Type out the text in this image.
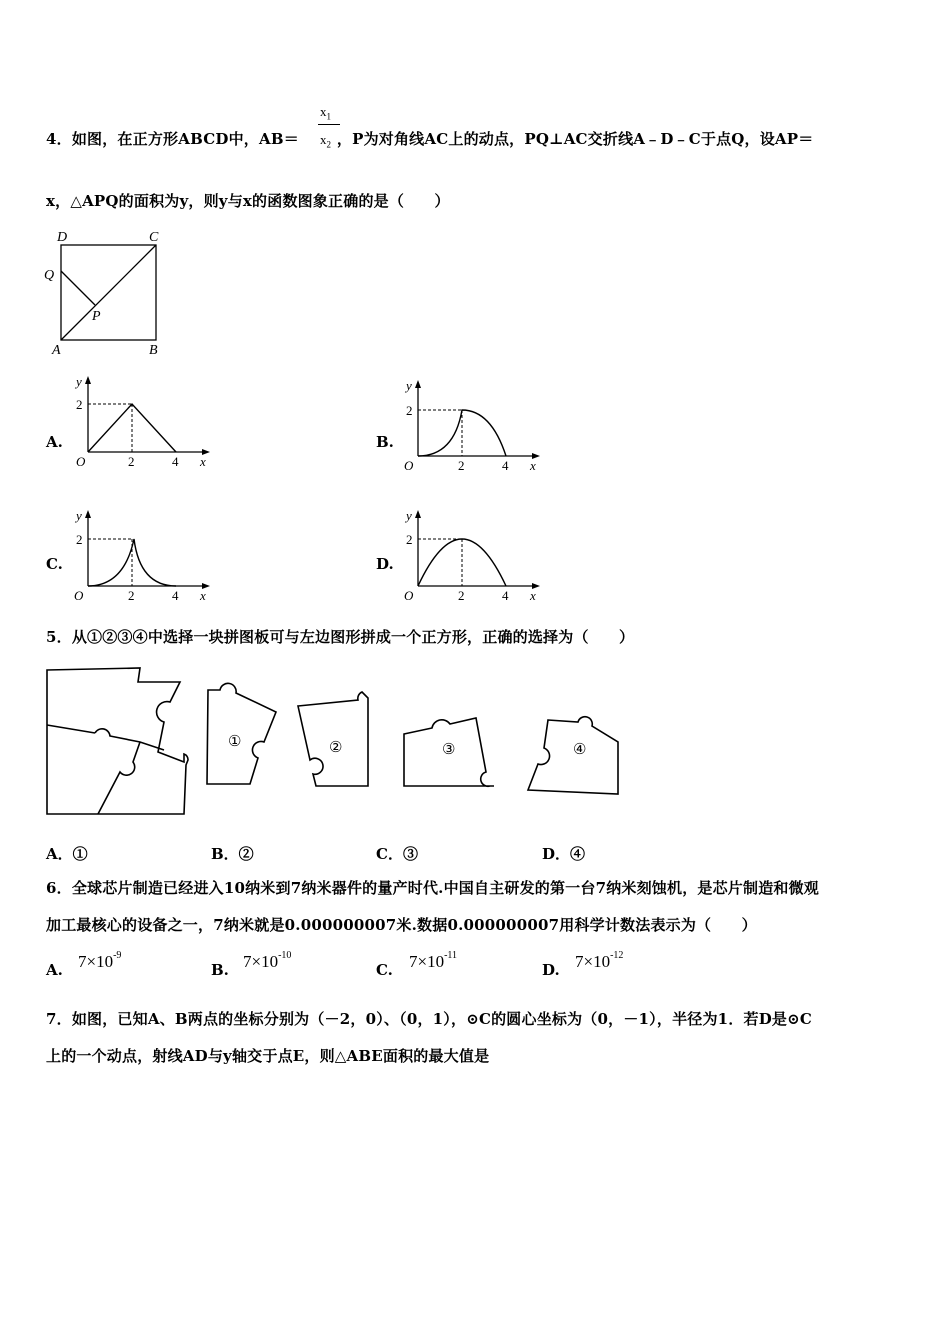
4．如图，在正方形ABCD中，AB＝	，P为对角线AC上的动点，PQ⊥AC交折线A﹣D﹣C于点Q，设AP＝
$x_1$
$x_2$
x，△APQ的面积为y，则y与x的函数图象正确的是（　　）
D	C
Q
P
A	B
A.	B.
C.	D.
y
2
O	2	4 x
y
2
O	2	4 x
y
2
O	2	4 x
y
2
O	2	4 x
5．从①②③④中选择一块拼图板可与左边图形拼成一个正方形，正确的选择为（　　）
①	②	③	④
A．①	B．②	C．③	D．④
6．全球芯片制造已经进入10纳米到7纳米器件的量产时代.中国自主研发的第一台7纳米刻蚀机，是芯片制造和微观
加工最核心的设备之一，7纳米就是0.000000007米.数据0.000000007用科学计数法表示为（　　）
A. $7\times 10^{-9}$
B. $7\times 10^{-10}$
C. $7\times 10^{-11}$
D. $7\times 10^{-12}$
7．如图，已知A、B两点的坐标分别为（－2，0）、（0，1），⊙C的圆心坐标为（0，－1），半径为1．若D是⊙C
上的一个动点，射线AD与y轴交于点E，则△ABE面积的最大值是
